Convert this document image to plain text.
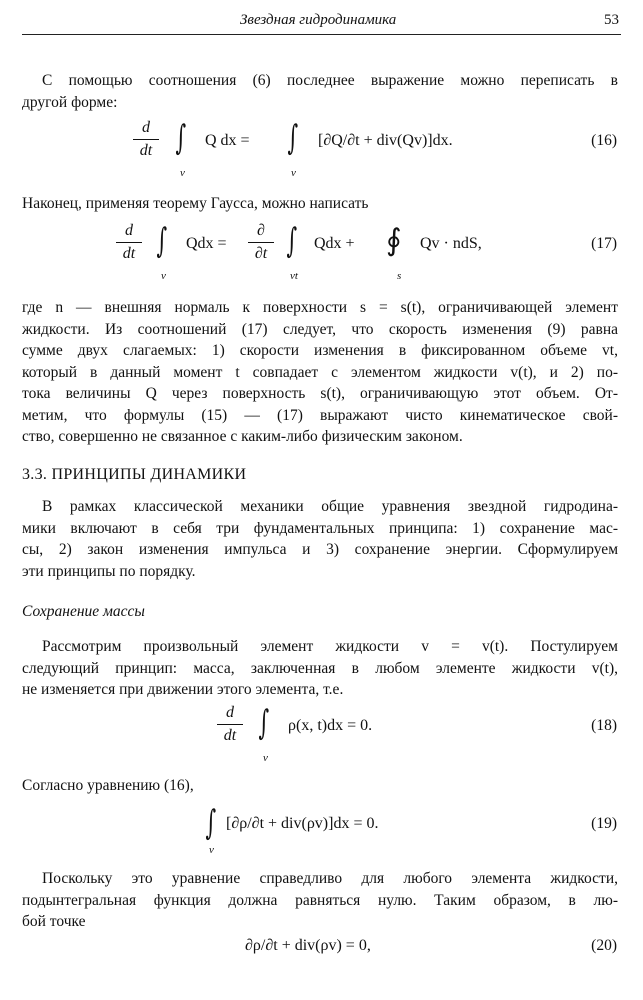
Звездная гидродинамика	53

С помощью соотношения (6) последнее выражение можно переписать в
другой форме:

d
dt ∫
v
Q dx = ∫
v
[∂Q/∂t + div(Qv)]dx.	(16)

Наконец, применяя теорему Гаусса, можно написать

d
dt ∫
v
Qdx =
∂
∂t ∫
vt
Qdx + ∮
s
Qv · ndS,	(17)

где n — внешняя нормаль к поверхности s = s(t), ограничивающей элемент
жидкости. Из соотношений (17) следует, что скорость изменения (9) равна
сумме двух слагаемых: 1) скорости изменения в фиксированном объеме vt,
который в данный момент t совпадает с элементом жидкости v(t), и 2) по-
тока величины Q через поверхность s(t), ограничивающую этот объем. От-
метим, что формулы (15) — (17) выражают чисто кинематическое свой-
ство, совершенно не связанное с каким-либо физическим законом.

3.3. ПРИНЦИПЫ ДИНАМИКИ

В рамках классической механики общие уравнения звездной гидродина-
мики включают в себя три фундаментальных принципа: 1) сохранение мас-
сы, 2) закон изменения импульса и 3) сохранение энергии. Сформулируем
эти принципы по порядку.

Сохранение массы

Рассмотрим произвольный элемент жидкости v = v(t). Постулируем
следующий принцип: масса, заключенная в любом элементе жидкости v(t),
не изменяется при движении этого элемента, т.е.

d
dt ∫
v
ρ(x, t)dx = 0.	(18)

Согласно уравнению (16),

∫
v
[∂ρ/∂t + div(ρv)]dx = 0.	(19)

Поскольку это уравнение справедливо для любого элемента жидкости,
подынтегральная функция должна равняться нулю. Таким образом, в лю-
бой точке

∂ρ/∂t + div(ρv) = 0,	(20)
